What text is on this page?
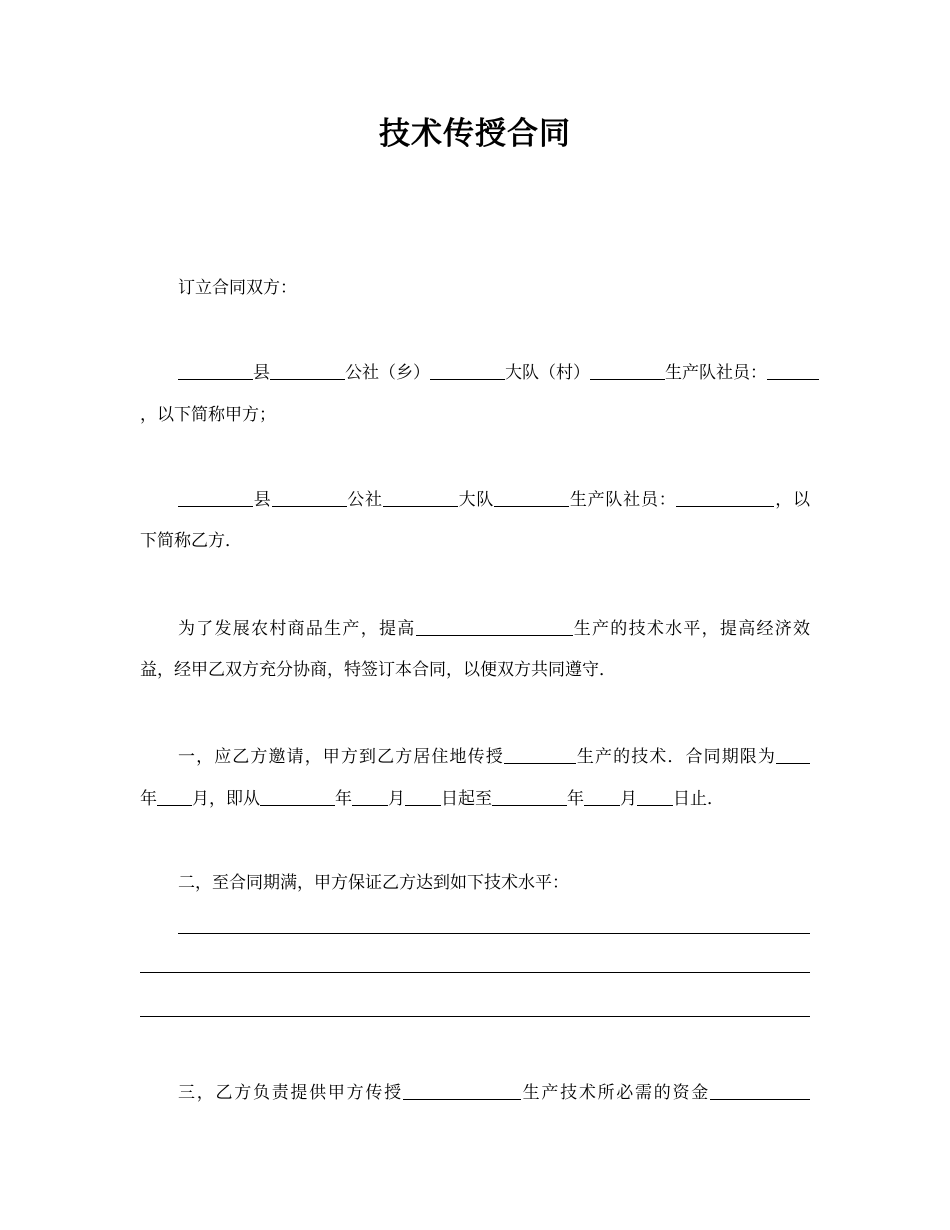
技术传授合同
订立合同双方：
县	公社（乡）	大队（村）	生产队社员：
，以下简称甲方；
县	公社	大队	生产队社员：	，以
下简称乙方．
为了发展农村商品生产，提高	生产的技术水平，提高经济效
益，经甲乙双方充分协商，特签订本合同，以便双方共同遵守．
一，应乙方邀请，甲方到乙方居住地传授	生产的技术．合同期限为
年 月，即从	年 月 日起至	年 月 日止．
二，至合同期满，甲方保证乙方达到如下技术水平：
三，乙方负责提供甲方传授	生产技术所必需的资金
